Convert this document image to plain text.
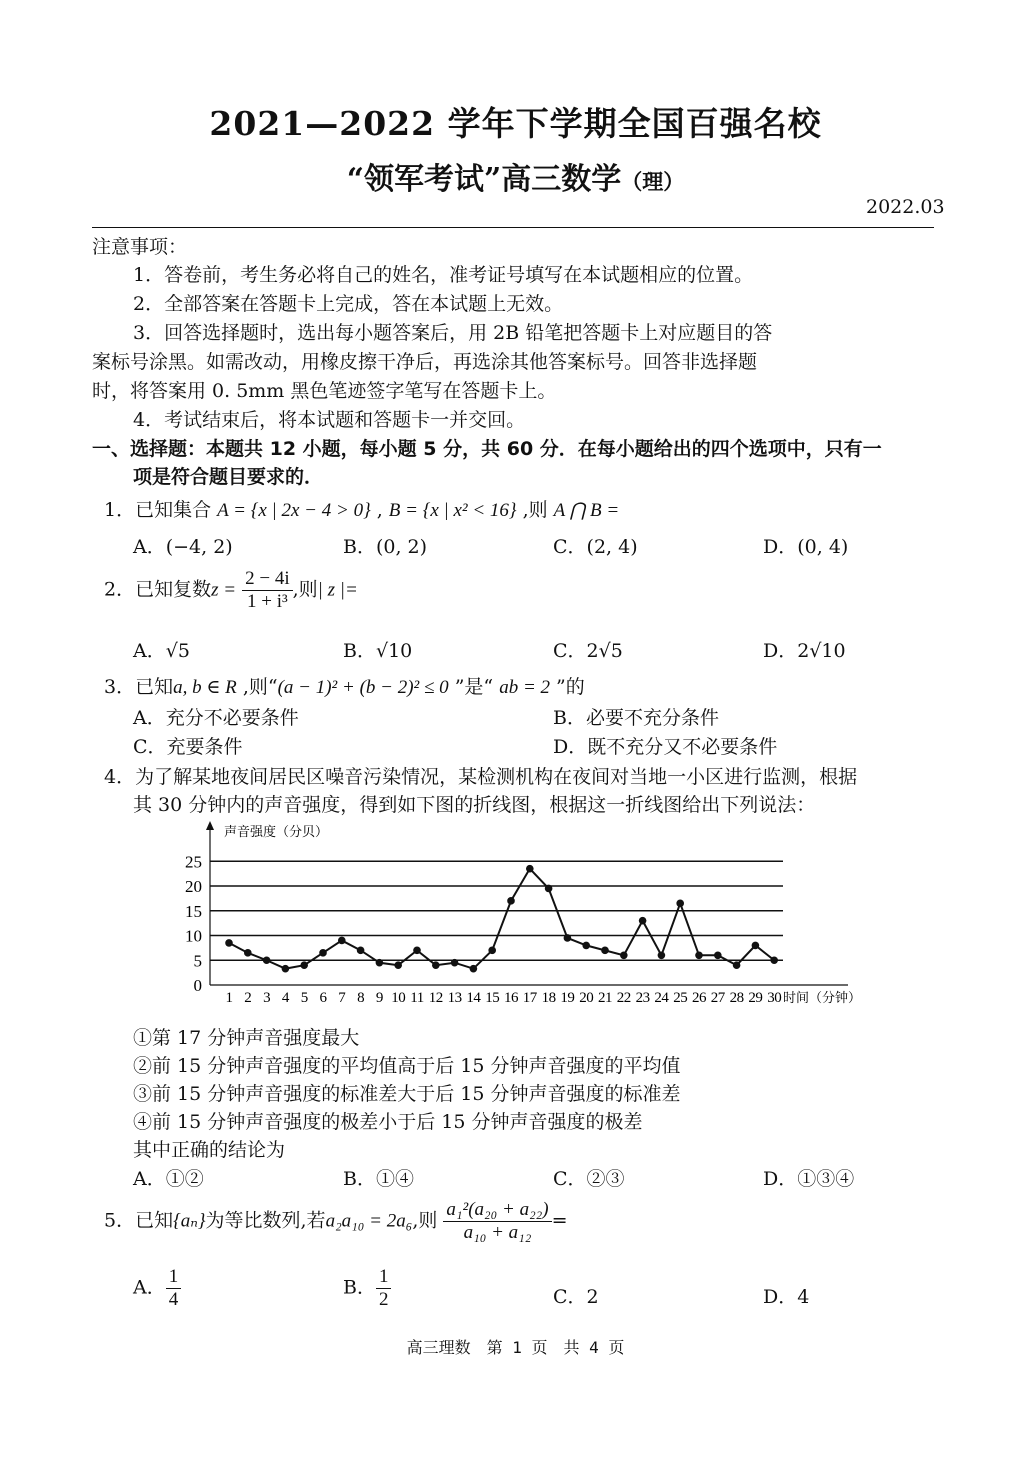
2021—2022 学年下学期全国百强名校
“领军考试”高三数学（理）
2022.03
注意事项：
1．答卷前，考生务必将自己的姓名，准考证号填写在本试题相应的位置。
2．全部答案在答题卡上完成，答在本试题上无效。
3．回答选择题时，选出每小题答案后，用 2B 铅笔把答题卡上对应题目的答
案标号涂黑。如需改动，用橡皮擦干净后，再选涂其他答案标号。回答非选择题
时，将答案用 0. 5mm 黑色笔迹签字笔写在答题卡上。
4．考试结束后，将本试题和答题卡一并交回。
一、选择题：本题共 12 小题，每小题 5 分，共 60 分．在每小题给出的四个选项中，只有一
项是符合题目要求的．
1．已知集合 A = {x | 2x − 4 > 0} , B = {x | x² < 16} ,则 A ⋂ B =
A．(−4, 2)	B．(0, 2)	C．(2, 4)	D．(0, 4)
2．已知复数$z = \frac{2 - 4i}{\text{1 + i³}}$ ,则| z |=
A．√5	B．√10	C．2√5	D．2√10
3．已知a, b ∈ R ,则“(a − 1)² + (b − 2)² ≤ 0 ”是“ ab = 2 ”的
A．充分不必要条件	B．必要不充分条件
C．充要条件	D．既不充分又不必要条件
4．为了解某地夜间居民区噪音污染情况，某检测机构在夜间对当地一小区进行监测，根据
其 30 分钟内的声音强度，得到如下图的折线图，根据这一折线图给出下列说法：
0
5
10
15
20
25
1 2 3 4 5 6 7 8 9 10 11 12 13 14 15 16 17 18 19 20 21 22 23 24 25 26 27 28 29 30
声音强度（分贝）
时间（分钟）
①第 17 分钟声音强度最大
②前 15 分钟声音强度的平均值高于后 15 分钟声音强度的平均值
③前 15 分钟声音强度的标准差大于后 15 分钟声音强度的标准差
④前 15 分钟声音强度的极差小于后 15 分钟声音强度的极差
其中正确的结论为
A．①②	B．①④	C．②③	D．①③④
5．已知{aₙ}为等比数列,若a₂a₁₀ = 2a₆,则 $\frac{\text{a₁²(a₂₀ + a₂₂)}}{\text{a₁₀ + a₁₂}}$ =
A． $\frac{1}{4}$	B． $\frac{1}{2}$	C．2	D．4
高三理数　第 1 页　共 4 页
